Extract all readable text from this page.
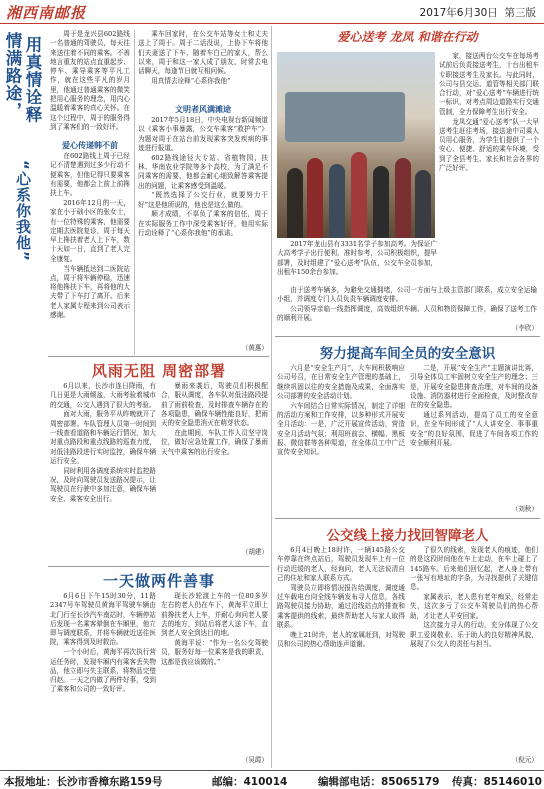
湘西南邮报	2017年6月30日 第三版
情满路途， 用真情诠释
“心系你我他”

周于是龙兴县602路线一名普通的驾驶员，每天往来送往着不同的乘客。不善地言重友的站点直重起步、停车、乘导乘客等平凡工作，就在这些平凡的岁月里，他通过普通乘客的微笑把用心服务的理念，用内心温暖着乘客的真心关怀。在这个过程中，周于的服务得到了乘客们的一致好评。

爱心传递韩不前

在602路线上周于已经记不清楚遇到过多少行动不便乘客，但他记得只要乘客有需要，他都会上前上前搀扶上车。

2016年12月的一天，家在小于础小区的张女士，有一位特殊的乘客，他需要定期去医院复诊，周于每天早上搀扶着老人上下车，数十天如一日，直到了老人完全康复。

当车辆抵达到二医院站点，周于将车辆停稳，迅速将他搀扶下车，再将他的大夫带了下车打了离开。后来老人家属专程来到公司表示感谢。

乘车回家时，在公交车站等女士和丈夫送上了周于。周于二话没说，上协下车将他们夫妻送了下车，随着车白己的家人，帮么以来，周于和这一家人成了朋友，时常去电话聊天，每逢节日就互相问候。

用真情去诠释“心系你我他”

文明者风满滩途

2017年5月18日，中央电视台新闻频道以《乘客小事暴露，公交车乘客“救护车”》为题对周于在站台前发现乘客突发疾病的事迹进行报道。

602路线途径大专站、省植物园、扶林、华南农业学院等多个高校，为了满足不同乘客的需要，他都会耐心细致解答乘客提出的问题，让乘客感受到温暖。

“既然选择了公交行业，就要努力干好”这是他所说的，他也是这么做的。

顺才成绩，不辜负了乘客的信任，周于在实际服务工作中深受乘客好评，他用实际行动诠释了“心系你我他”的承诺。

（黄惠）
风雨无阻 周密部署

6月以来，长沙市连日降雨，有几日更是大雨倾盆，大雨考验着城市的交通，公交人遇到了很大的考验。

面对大雨，服务平从昨晚就开了周密部署。车队管理人员第一时间到一线查看道路和车辆运行情况，加大对重点路段和重点线路的巡查力度，对低洼路段进行实时监控，确保车辆运行安全。

同时利用各调度系统实时监控路况，及时向驾驶员发送路况提示，让驾驶员在行驶中多加注意，确保车辆安全、乘客安全出行。

暴雨来袭后，驾驶员们积极配合，服从调度，各车队对低洼路段提前了雨前检查，及时排查车辆存在的各项隐患，确保车辆性能良好，把雨天的安全隐患消灭在萌芽状态。

在此期间，车队工作人员坚守岗位，做好应急处置工作，确保了暴雨天气中乘客的出行安全。

（胡建）
一天做两件善事

6月6日下午15时30分，11路2347号车驾驶员黄海平驾驶车辆由北门行至长沙汽车南站时，车辆停站后发现一名乘客晕倒在车厢里，他立即与调度联系，并将车辆就近送往医院，乘客得到及时救治。

一个小时后，黄海平再次执行营运任务时，发现车厢内有乘客丢失物品，他立即与失主联系，将物品完璧归赵。一天之内做了两件好事，受到了乘客和公司的一致好评。

现长沙轮渡上车的一位80多岁左右的老人仍在车下，黄海平立即上前搀扶老人上车，并耐心询问老人要去的地方，到站后将老人送下车，直到老人安全到达目的地。

黄海平说：“作为一名公交驾驶员，服务好每一位乘客是我的职责，这都是我应该做的。”

（吴霞）
爱心送考 龙凤 和谐在行动

2017年龙山县有3331名学子参加高考。为保证广大高考学子出行便利，准时参考，公司积极组织，提早部署，及时组建了“爱心送考”队伍，公交车全员参加，出租车150余台参加。

家，接送两台公交车在每场考试前后负责接送考生，十台出租车专职接送考生及家长。与此同时，公司与县交运、道管等相关部门联合行动，对“爱心送考”车辆进行统一标识，对考点周边道路实行交通管制，全力保障考生出行安全。

龙凤交通“爱心送考”队一大早送考生赶往考场，接送途中司乘人员用心服务，为学生们提供了一个安心、便捷、舒适的乘车环境，受到了全县考生、家长和社会各界的广泛好评。

由于送考车辆多，为避免交通拥堵，公司一方面与上级主管部门联系，成立安全运输小组，并调度专门人员负责车辆调度安排。

公司领导亲临一线指挥调度，高效组织车辆、人员和物资保障工作，确保了送考工作的顺利开展。

（李欣）
努力提高车间全员的安全意识

六月是“安全生产月”，大车间积极响应公司号召，在日常安全生产管理的基础上，继续巩固以往的安全措施及成果，全面落实公司部署的安全活动计划。

六车间结合日常实际情况，制定了详细的活动方案和工作安排，以多种形式开展安全月活动：一是，广泛开展宣传活动，营造安全月活动气氛；利用班前会、横幅、黑板报、微信群等各种渠道，在全体员工中广泛宣传安全知识。

二是，开展“安全生产”主题演讲比赛，引导全体员工牢固树立安全生产的理念；三是，开展安全隐患排查治理，对车间的设备设施、消防器材进行全面检查，及时整改存在的安全隐患。

通过系列活动，提高了员工的安全意识，在全车间形成了“人人讲安全、事事重安全”的良好氛围，促进了车间各项工作的安全顺利开展。

（刘秋）
公交线上接力找回智障老人

6月4日晚上18时许，一辆145路公交车停靠在终点站后，驾驶员发现车上有一位行动迟缓的老人，经询问，老人无法说清自己的住址和家人联系方式。

驾驶员立即将情况报告给调度，调度通过车载电台向全线车辆发布寻人信息，各线路驾驶员接力协助，通过沿线站点的排查和乘客提供的线索，最终帮助老人与家人取得联系。

晚上21时许，老人的家属赶到，对驾驶员和公司的热心帮助连声道谢。

了很久的线索，发现老人的痕迹，他们的是这段时间他在车上走动，在车上碰上了145路车。后来他们回忆起，老人身上带有一张写有地址的字条，为寻找提供了关键信息。

家属表示，老人患有老年痴呆，经常走失，这次多亏了公交车驾驶员们的热心帮助，才让老人平安回家。

这次接力寻人的行动，充分体现了公交职工爱岗敬业、乐于助人的良好精神风貌，展现了公交人的责任与担当。

（倪元）
本报地址：长沙市香樟东路159号	邮编：410014	编辑部电话：85065179 传真：85146010
